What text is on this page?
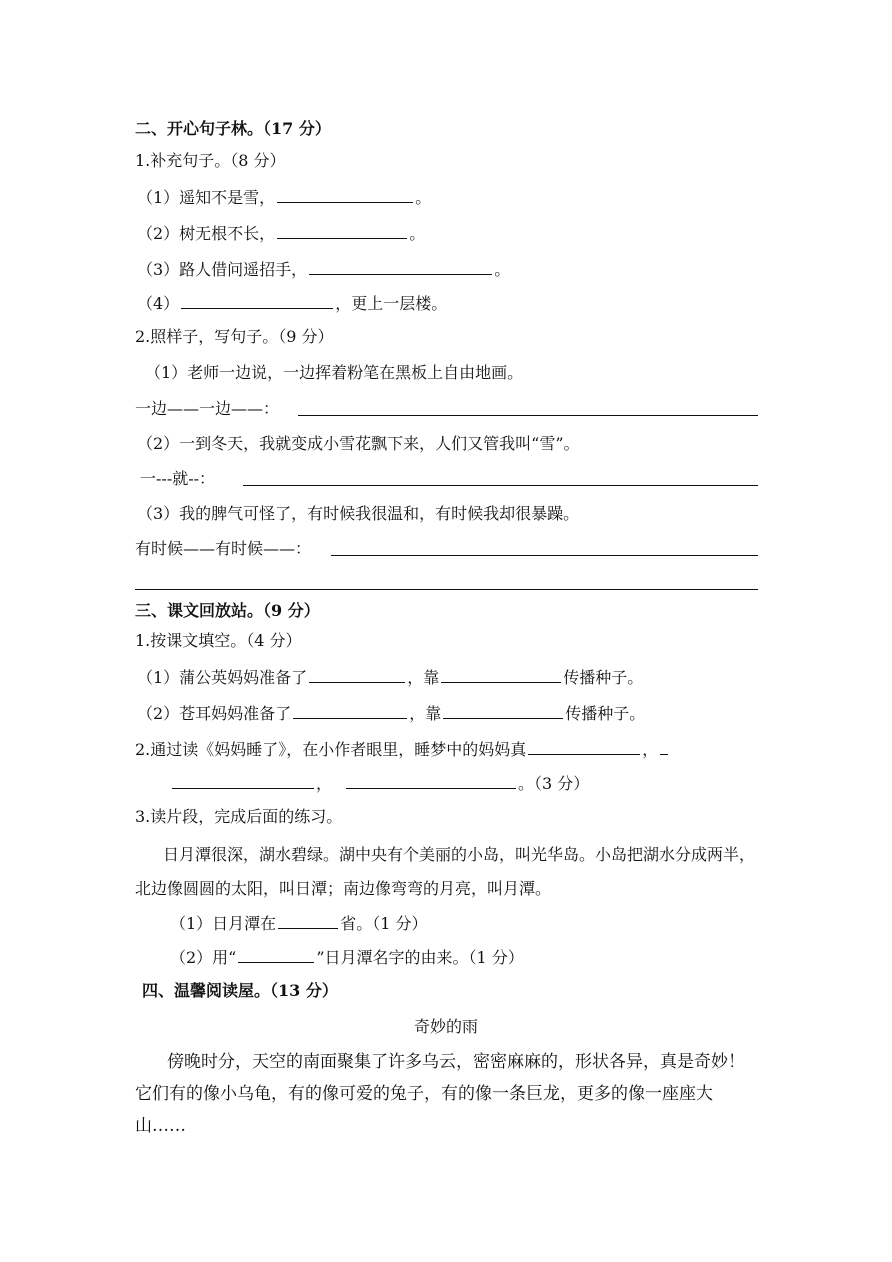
二、开心句子林。（17 分）
1.补充句子。（8 分）
（1）遥知不是雪，	。
（2）树无根不长，	。
（3）路人借问遥招手，	。
（4）	，更上一层楼。
2.照样子，写句子。（9 分）
（1）老师一边说，一边挥着粉笔在黑板上自由地画。
一边——一边——：
（2）一到冬天，我就变成小雪花飘下来，人们又管我叫“雪”。
一---就--：
（3）我的脾气可怪了，有时候我很温和，有时候我却很暴躁。
有时候——有时候——：
三、课文回放站。（9 分）
1.按课文填空。（4 分）
（1）蒲公英妈妈准备了	，靠	传播种子。
（2）苍耳妈妈准备了	，靠	传播种子。
2.通过读《妈妈睡了》，在小作者眼里，睡梦中的妈妈真	，
，	。（3 分）
3.读片段，完成后面的练习。
日月潭很深，湖水碧绿。湖中央有个美丽的小岛，叫光华岛。小岛把湖水分成两半，北边像圆圆的太阳，叫日潭；南边像弯弯的月亮，叫月潭。
（1）日月潭在	省。（1 分）
（2）用“	”日月潭名字的由来。（1 分）
四、温馨阅读屋。（13 分）
奇妙的雨
傍晚时分，天空的南面聚集了许多乌云，密密麻麻的，形状各异，真是奇妙！它们有的像小乌龟，有的像可爱的兔子，有的像一条巨龙，更多的像一座座大山……
